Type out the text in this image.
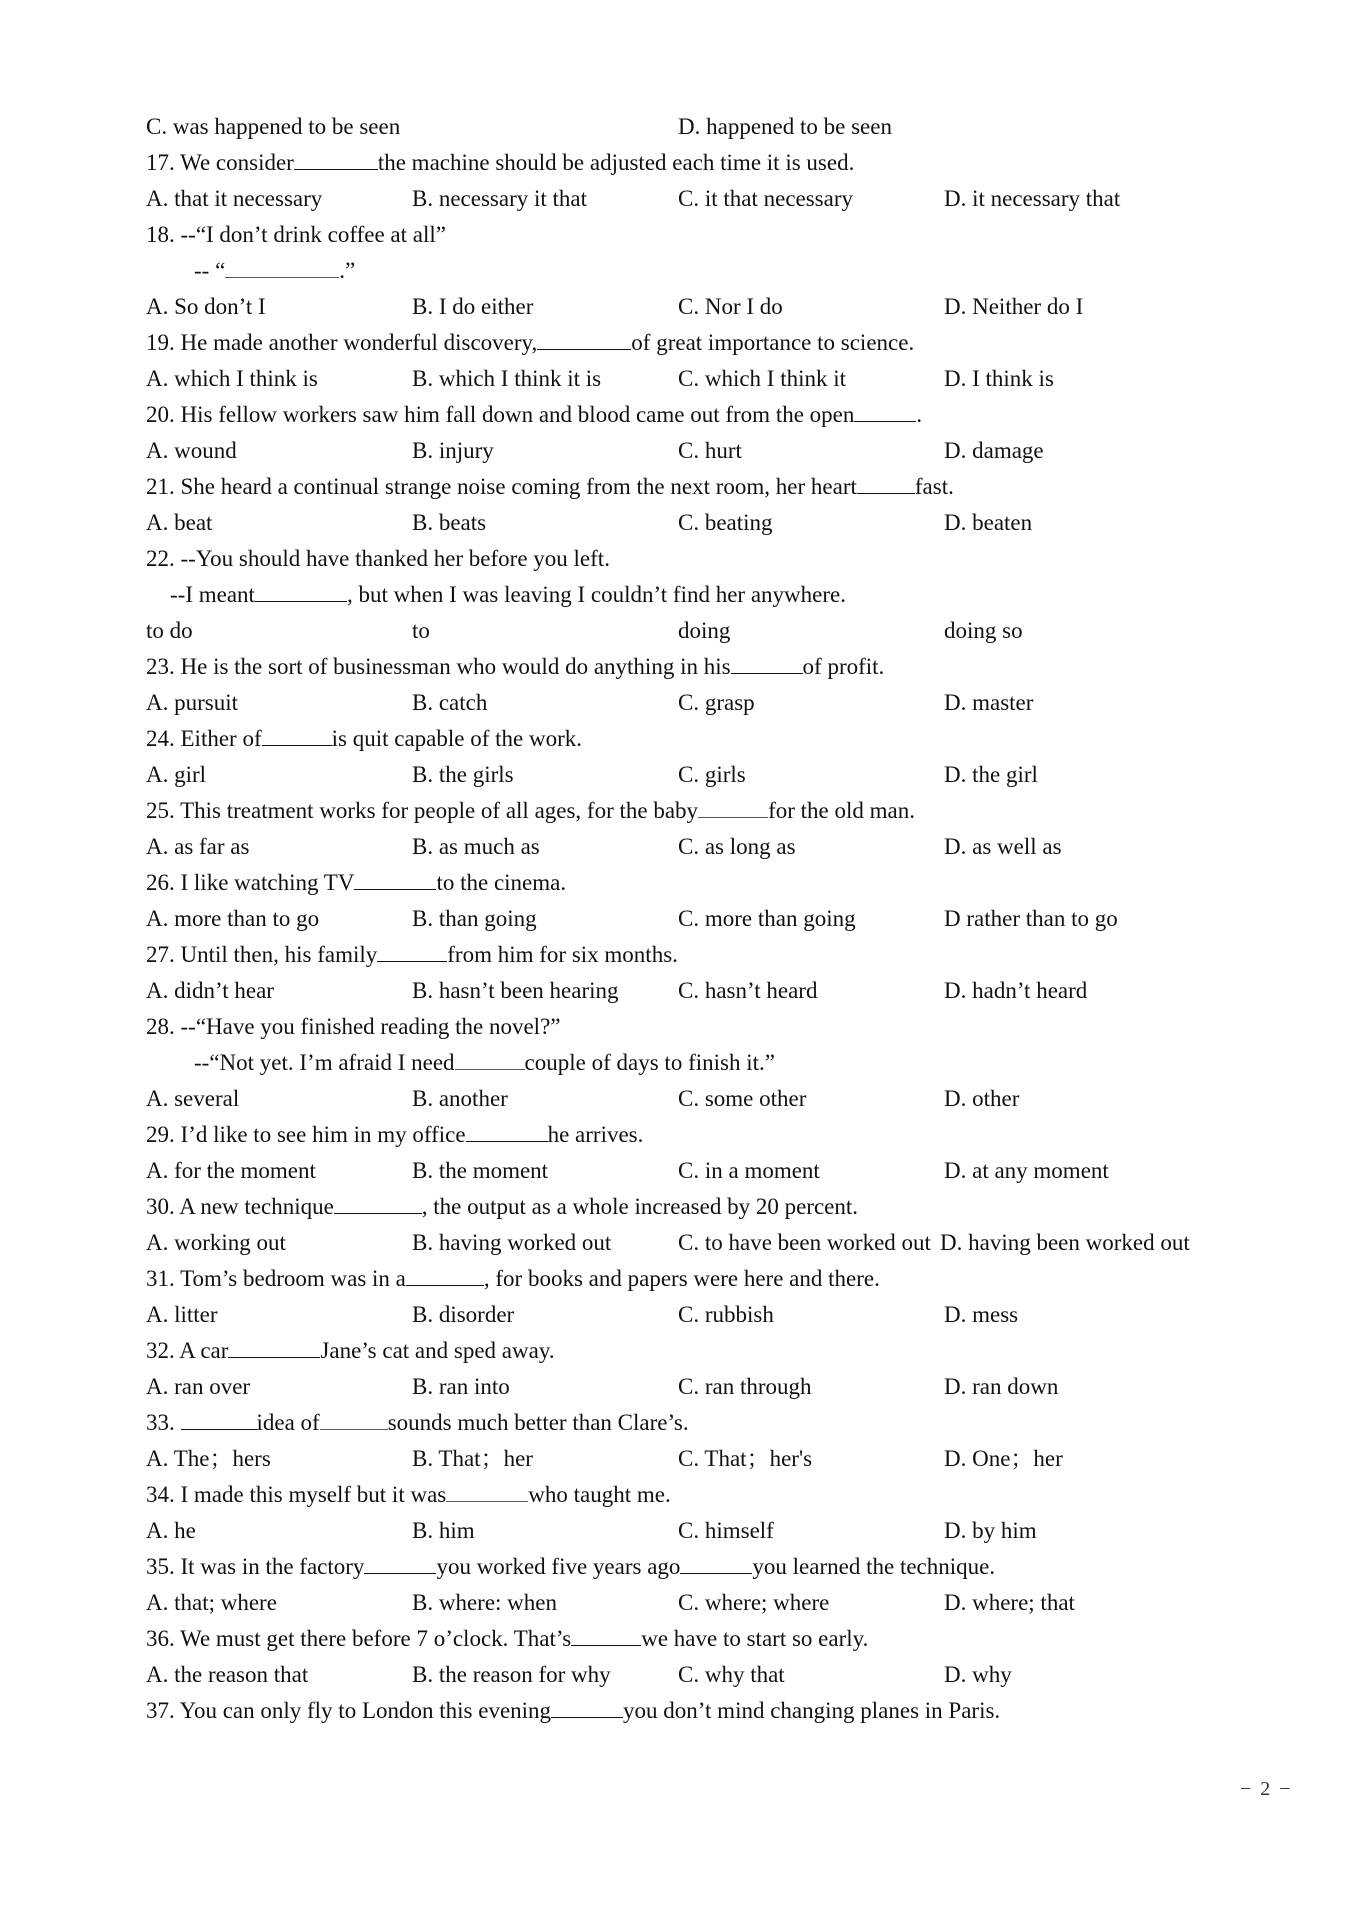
C. was happened to be seen	D. happened to be seen
17. We consider	the machine should be adjusted each time it is used.
A. that it necessary	B. necessary it that	C. it that necessary	D. it necessary that
18. --“I don’t drink coffee at all”
-- “	.”
A. So don’t I	B. I do either	C. Nor I do	D. Neither do I
19. He made another wonderful discovery,	of great importance to science.
A. which I think is	B. which I think it is	C. which I think it	D. I think is
20. His fellow workers saw him fall down and blood came out from the open	.
A. wound	B. injury	C. hurt	D. damage
21. She heard a continual strange noise coming from the next room, her heart	fast.
A. beat	B. beats	C. beating	D. beaten
22. --You should have thanked her before you left.
--I meant	, but when I was leaving I couldn’t find her anywhere.
to do	to	doing	doing so
23. He is the sort of businessman who would do anything in his	of profit.
A. pursuit	B. catch	C. grasp	D. master
24. Either of	is quit capable of the work.
A. girl	B. the girls	C. girls	D. the girl
25. This treatment works for people of all ages, for the baby	for the old man.
A. as far as	B. as much as	C. as long as	D. as well as
26. I like watching TV	to the cinema.
A. more than to go	B. than going	C. more than going	D rather than to go
27. Until then, his family	from him for six months.
A. didn’t hear	B. hasn’t been hearing	C. hasn’t heard	D. hadn’t heard
28. --“Have you finished reading the novel?”
--“Not yet. I’m afraid I need	couple of days to finish it.”
A. several	B. another	C. some other	D. other
29. I’d like to see him in my office	he arrives.
A. for the moment	B. the moment	C. in a moment	D. at any moment
30. A new technique	, the output as a whole increased by 20 percent.
A. working out	B. having worked out	C. to have been worked out D. having been worked out
31. Tom’s bedroom was in a	, for books and papers were here and there.
A. litter	B. disorder	C. rubbish	D. mess
32. A car	Jane’s cat and sped away.
A. ran over	B. ran into	C. ran through	D. ran down
33.	idea of	sounds much better than Clare’s.
A. The；hers	B. That；her	C. That；her's	D. One；her
34. I made this myself but it was	who taught me.
A. he	B. him	C. himself	D. by him
35. It was in the factory	you worked five years ago	you learned the technique.
A. that; where	B. where: when	C. where; where	D. where; that
36. We must get there before 7 o’clock. That’s	we have to start so early.
A. the reason that	B. the reason for why	C. why that	D. why
37. You can only fly to London this evening	you don’t mind changing planes in Paris.
− 2 −
